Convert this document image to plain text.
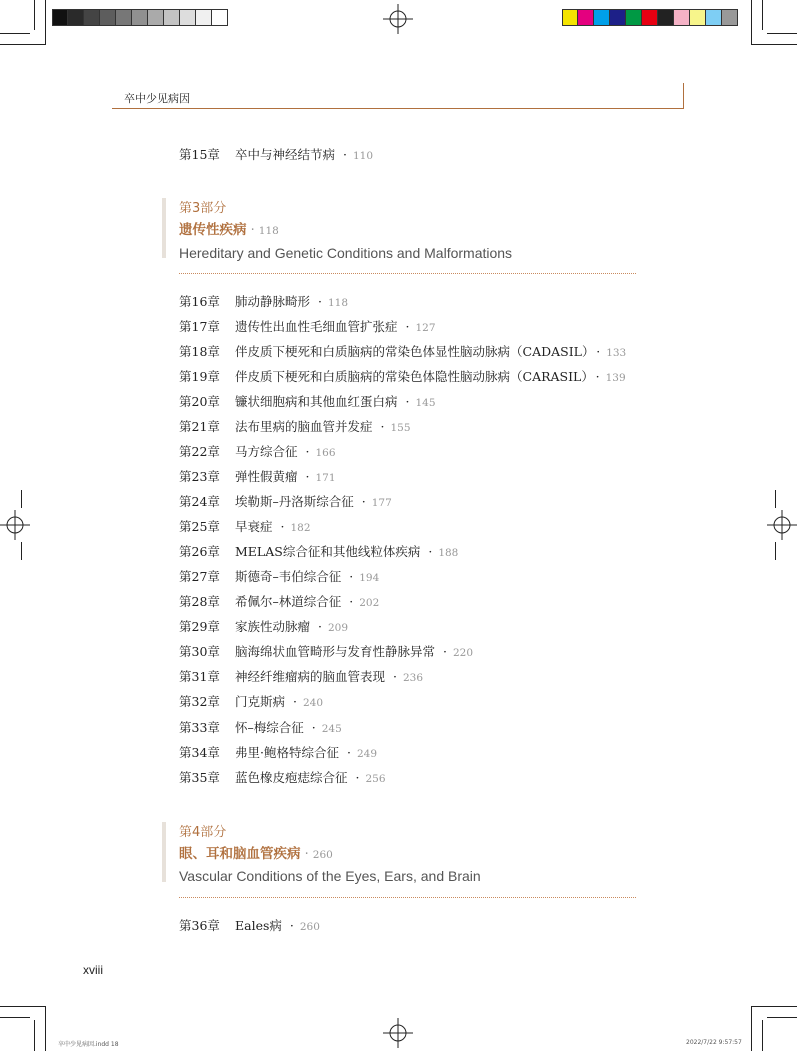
卒中少见病因
第15章 卒中与神经结节病 · 110
第3部分
遗传性疾病 · 118
Hereditary and Genetic Conditions and Malformations
第16章 肺动静脉畸形 · 118
第17章 遗传性出血性毛细血管扩张症 · 127
第18章 伴皮质下梗死和白质脑病的常染色体显性脑动脉病（CADASIL） · 133
第19章 伴皮质下梗死和白质脑病的常染色体隐性脑动脉病（CARASIL） · 139
第20章 镰状细胞病和其他血红蛋白病 · 145
第21章 法布里病的脑血管并发症 · 155
第22章 马方综合征 · 166
第23章 弹性假黄瘤 · 171
第24章 埃勒斯–丹洛斯综合征 · 177
第25章 早衰症 · 182
第26章 MELAS综合征和其他线粒体疾病 · 188
第27章 斯德奇–韦伯综合征 · 194
第28章 希佩尔–林道综合征 · 202
第29章 家族性动脉瘤 · 209
第30章 脑海绵状血管畸形与发育性静脉异常 · 220
第31章 神经纤维瘤病的脑血管表现 · 236
第32章 门克斯病 · 240
第33章 怀–梅综合征 · 245
第34章 弗里·鲍格特综合征 · 249
第35章 蓝色橡皮疱痣综合征 · 256
第4部分
眼、耳和脑血管疾病 · 260
Vascular Conditions of the Eyes, Ears, and Brain
第36章 Eales病 · 260
xviii
卒中少见病因.indd 18	2022/7/22 9:57:57
